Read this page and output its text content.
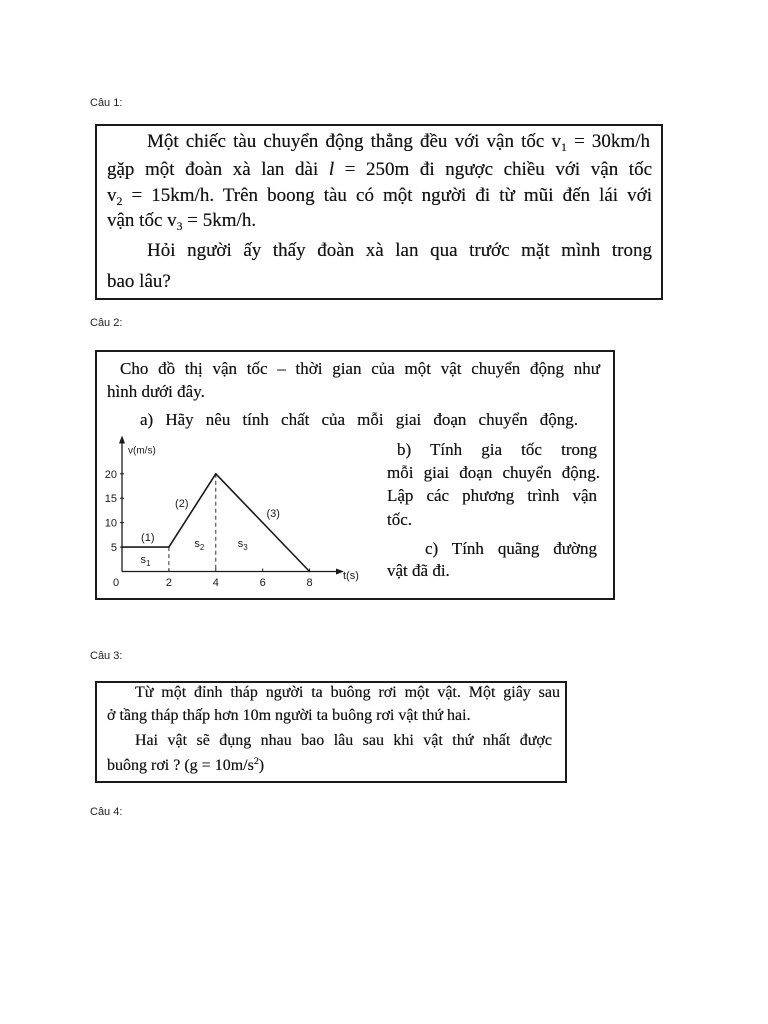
Câu 1:
Một chiếc tàu chuyển động thẳng đều với vận tốc $v_1 = 30km/h$
gặp một đoàn xà lan dài l = 250m đi ngược chiều với vận tốc
$v_2 = 15km/h$. Trên boong tàu có một người đi từ mũi đến lái với
vận tốc $v_3 = 5km/h$.
Hỏi người ấy thấy đoàn xà lan qua trước mặt mình trong
bao lâu?
Câu 2:
Cho đồ thị vận tốc – thời gian của một vật chuyển động như
hình dưới đây.
a) Hãy nêu tính chất của mỗi giai đoạn chuyển động.
2	4	6	8
5
10
15
20
0
t(s)
v(m/s)
(1)
(2)
(3)
$s_1$
$s_2$	$s_3$
b) Tính gia tốc trong
mỗi giai đoạn chuyển động.
Lập các phương trình vận
tốc.
c) Tính quãng đường
vật đã đi.
Câu 3:
Từ một đỉnh tháp người ta buông rơi một vật. Một giây sau
ở tầng tháp thấp hơn 10m người ta buông rơi vật thứ hai.
Hai vật sẽ đụng nhau bao lâu sau khi vật thứ nhất được
buông rơi ? $(g = 10m/s^2)$
Câu 4:
